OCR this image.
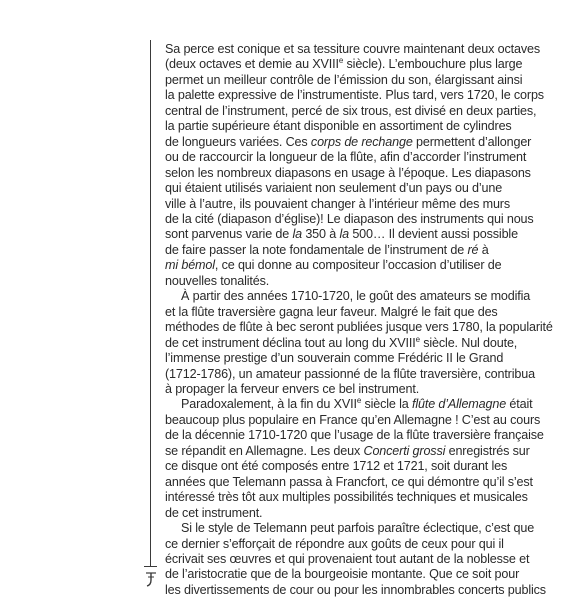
Sa perce est conique et sa tessiture couvre maintenant deux octaves
(deux octaves et demie au XVIIIe siècle). L’embouchure plus large
permet un meilleur contrôle de l’émission du son, élargissant ainsi
la palette expressive de l’instrumentiste. Plus tard, vers 1720, le corps
central de l’instrument, percé de six trous, est divisé en deux parties,
la partie supérieure étant disponible en assortiment de cylindres
de longueurs variées. Ces corps de rechange permettent d’allonger
ou de raccourcir la longueur de la flûte, afin d’accorder l’instrument
selon les nombreux diapasons en usage à l’époque. Les diapasons
qui étaient utilisés variaient non seulement d’un pays ou d’une
ville à l’autre, ils pouvaient changer à l’intérieur même des murs
de la cité (diapason d’église)! Le diapason des instruments qui nous
sont parvenus varie de la 350 à la 500… Il devient aussi possible
de faire passer la note fondamentale de l’instrument de ré à
mi bémol, ce qui donne au compositeur l’occasion d’utiliser de
nouvelles tonalités.
À partir des années 1710-1720, le goût des amateurs se modifia
et la flûte traversière gagna leur faveur. Malgré le fait que des
méthodes de flûte à bec seront publiées jusque vers 1780, la popularité
de cet instrument déclina tout au long du XVIIIe siècle. Nul doute,
l’immense prestige d’un souverain comme Frédéric II le Grand
(1712-1786), un amateur passionné de la flûte traversière, contribua
à propager la ferveur envers ce bel instrument.
Paradoxalement, à la fin du XVIIe siècle la flûte d’Allemagne était
beaucoup plus populaire en France qu’en Allemagne ! C’est au cours
de la décennie 1710-1720 que l’usage de la flûte traversière française
se répandit en Allemagne. Les deux Concerti grossi enregistrés sur
ce disque ont été composés entre 1712 et 1721, soit durant les
années que Telemann passa à Francfort, ce qui démontre qu’il s’est
intéressé très tôt aux multiples possibilités techniques et musicales
de cet instrument.
Si le style de Telemann peut parfois paraître éclectique, c’est que
ce dernier s’efforçait de répondre aux goûts de ceux pour qui il
écrivait ses œuvres et qui provenaient tout autant de la noblesse et
de l’aristocratie que de la bourgeoisie montante. Que ce soit pour
les divertissements de cour ou pour les innombrables concerts publics
